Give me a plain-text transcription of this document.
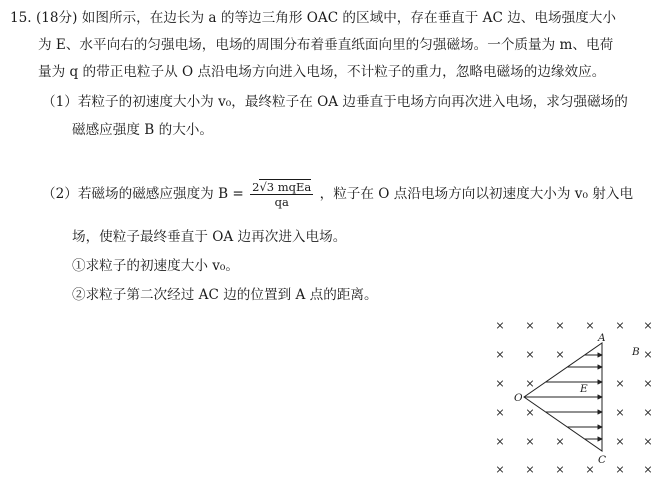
15. (18分) 如图所示，在边长为 a 的等边三角形 OAC 的区域中，存在垂直于 AC 边、电场强度大小
为 E、水平向右的匀强电场，电场的周围分布着垂直纸面向里的匀强磁场。一个质量为 m、电荷
量为 q 的带正电粒子从 O 点沿电场方向进入电场，不计粒子的重力，忽略电磁场的边缘效应。
（1）若粒子的初速度大小为 v₀，最终粒子在 OA 边垂直于电场方向再次进入电场，求匀强磁场的
磁感应强度 B 的大小。
（2）若磁场的磁感应强度为 $B = \frac{\text{2√3 mqEa}}{qa}$ ，粒子在 O 点沿电场方向以初速度大小为 v₀ 射入电
场，使粒子最终垂直于 OA 边再次进入电场。
①求粒子的初速度大小 v₀。
②求粒子第二次经过 AC 边的位置到 A 点的距离。
× × × × × ×
× × ×	×
× ×	× ×
× ×	× ×
× × ×	× ×
× × × × × ×
A
C
O
E
B
